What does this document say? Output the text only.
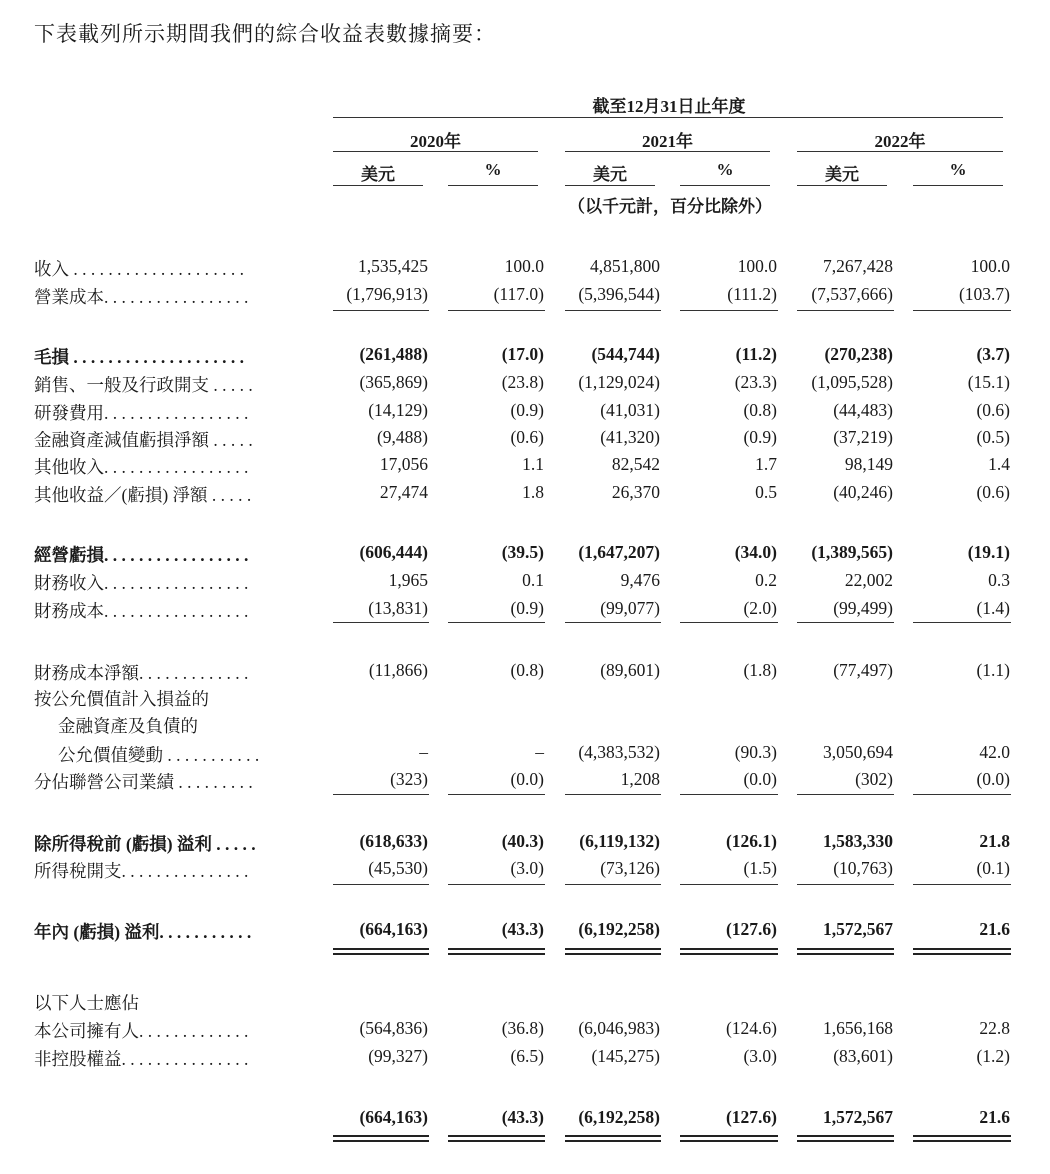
下表載列所示期間我們的綜合收益表數據摘要：
截至12月31日止年度
2020年	2021年	2022年
美元	%	美元	%	美元	%
（以千元計，百分比除外）
收入 . . . . . . . . . . . . . . . . . . . .	1,535,425	100.0	4,851,800	100.0	7,267,428	100.0
營業成本. . . . . . . . . . . . . . . . .	(1,796,913)	(117.0)	(5,396,544)	(111.2)	(7,537,666)	(103.7)
毛損 . . . . . . . . . . . . . . . . . . . .	(261,488)	(17.0)	(544,744)	(11.2)	(270,238)	(3.7)
銷售、一般及行政開支 . . . . .	(365,869)	(23.8)	(1,129,024)	(23.3)	(1,095,528)	(15.1)
研發費用. . . . . . . . . . . . . . . . .	(14,129)	(0.9)	(41,031)	(0.8)	(44,483)	(0.6)
金融資產減值虧損淨額 . . . . .	(9,488)	(0.6)	(41,320)	(0.9)	(37,219)	(0.5)
其他收入. . . . . . . . . . . . . . . . .	17,056	1.1	82,542	1.7	98,149	1.4
其他收益／(虧損) 淨額 . . . . .	27,474	1.8	26,370	0.5	(40,246)	(0.6)
經營虧損. . . . . . . . . . . . . . . . .	(606,444)	(39.5)	(1,647,207)	(34.0)	(1,389,565)	(19.1)
財務收入. . . . . . . . . . . . . . . . .	1,965	0.1	9,476	0.2	22,002	0.3
財務成本. . . . . . . . . . . . . . . . .	(13,831)	(0.9)	(99,077)	(2.0)	(99,499)	(1.4)
財務成本淨額. . . . . . . . . . . . .	(11,866)	(0.8)	(89,601)	(1.8)	(77,497)	(1.1)
按公允價值計入損益的
金融資產及負債的
公允價值變動 . . . . . . . . . . .	–	–	(4,383,532)	(90.3)	3,050,694	42.0
分佔聯營公司業績 . . . . . . . . .	(323)	(0.0)	1,208	(0.0)	(302)	(0.0)
除所得稅前 (虧損) 溢利 . . . . .	(618,633)	(40.3)	(6,119,132)	(126.1)	1,583,330	21.8
所得稅開支. . . . . . . . . . . . . . .	(45,530)	(3.0)	(73,126)	(1.5)	(10,763)	(0.1)
年內 (虧損) 溢利. . . . . . . . . . .	(664,163)	(43.3)	(6,192,258)	(127.6)	1,572,567	21.6
以下人士應佔
本公司擁有人. . . . . . . . . . . . .	(564,836)	(36.8)	(6,046,983)	(124.6)	1,656,168	22.8
非控股權益. . . . . . . . . . . . . . .	(99,327)	(6.5)	(145,275)	(3.0)	(83,601)	(1.2)
(664,163)	(43.3)	(6,192,258)	(127.6)	1,572,567	21.6
